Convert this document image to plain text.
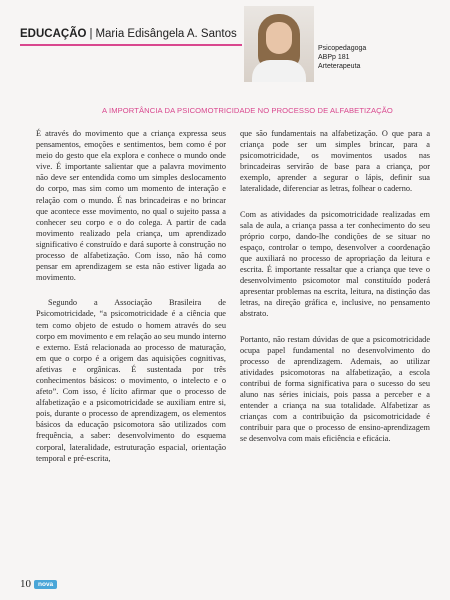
EDUCAÇÃO | Maria Edisângela A. Santos
Psicopedagoga
ABPp 181
Arteterapeuta
A IMPORTÂNCIA DA PSICOMOTRICIDADE NO PROCESSO DE ALFABETIZAÇÃO

É através do movimento que a criança expressa seus pensamentos, emoções e sentimentos, bem como é por meio do gesto que ela explora e conhece o mundo onde vive. É importante salientar que a palavra movimento não deve ser entendida como um simples deslocamento do corpo, mas sim como um momento de interação e relação com o mundo. É nas brincadeiras e no brincar que acontece esse movimento, no qual o sujeito passa a conhecer seu corpo e o do colega. A partir de cada movimento realizado pela criança, um aprendizado significativo é construído e dará suporte à construção no processo de alfabetização. Com isso, não há como pensar em aprendizagem se esta não estiver ligada ao movimento.

Segundo a Associação Brasileira de Psicomotricidade, “a psicomotricidade é a ciência que tem como objeto de estudo o homem através do seu corpo em movimento e em relação ao seu mundo interno e externo. Está relacionada ao processo de maturação, em que o corpo é a origem das aquisições cognitivas, afetivas e orgânicas. É sustentada por três conhecimentos básicos: o movimento, o intelecto e o afeto”. Com isso, é lícito afirmar que o processo de alfabetização e a psicomotricidade se auxiliam entre si, pois, durante o processo de aprendizagem, os elementos básicos da educação psicomotora são utilizados com frequência, a saber: desenvolvimento do esquema corporal, lateralidade, estruturação espacial, orientação temporal e pré-escrita,

que são fundamentais na alfabetização. O que para a criança pode ser um simples brincar, para a psicomotricidade, os movimentos usados nas brincadeiras servirão de base para a criança, por exemplo, aprender a segurar o lápis, definir sua lateralidade, diferenciar as letras, folhear o caderno.

Com as atividades da psicomotricidade realizadas em sala de aula, a criança passa a ter conhecimento do seu próprio corpo, dando-lhe condições de se situar no espaço, controlar o tempo, desenvolver a coordenação que auxiliará no processo de apropriação da leitura e escrita. É importante ressaltar que a criança que teve o desenvolvimento psicomotor mal constituído poderá apresentar problemas na escrita, leitura, na distinção das letras, na direção gráfica e, inclusive, no pensamento abstrato.

Portanto, não restam dúvidas de que a psicomotricidade ocupa papel fundamental no desenvolvimento do processo de aprendizagem. Ademais, ao utilizar atividades psicomotoras na alfabetização, a escola contribui de forma significativa para o sucesso do seu aluno nas séries iniciais, pois passa a perceber e a entender a criança na sua totalidade. Alfabetizar as crianças com a contribuição da psicomotricidade é contribuir para que o processo de ensino-aprendizagem se desenvolva com mais eficiência e eficácia.

10	nova
